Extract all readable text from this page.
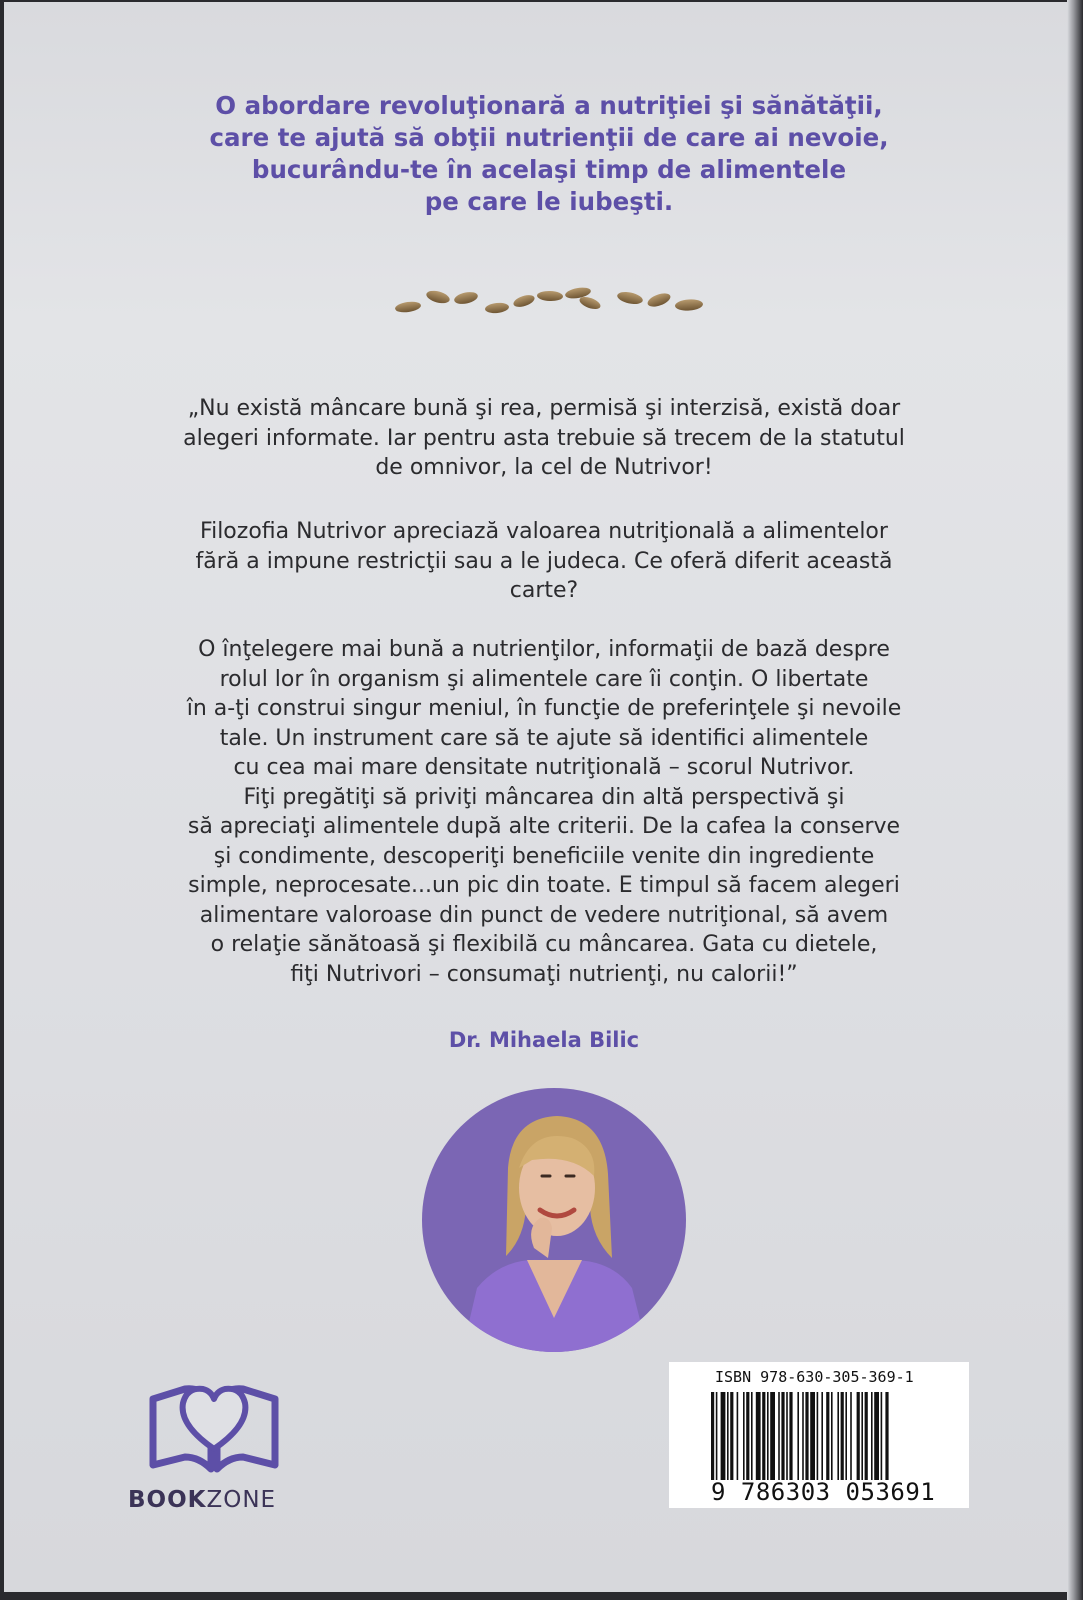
O abordare revoluţionară a nutriţiei şi sănătăţii,
care te ajută să obţii nutrienţii de care ai nevoie,
bucurându-te în acelaşi timp de alimentele
pe care le iubeşti.
„Nu există mâncare bună şi rea, permisă şi interzisă, există doar
alegeri informate. Iar pentru asta trebuie să trecem de la statutul
de omnivor, la cel de Nutrivor!
Filozofia Nutrivor apreciază valoarea nutriţională a alimentelor
fără a impune restricţii sau a le judeca. Ce oferă diferit această
carte?
O înţelegere mai bună a nutrienţilor, informaţii de bază despre
rolul lor în organism şi alimentele care îi conţin. O libertate
în a-ţi construi singur meniul, în funcţie de preferinţele şi nevoile
tale. Un instrument care să te ajute să identifici alimentele
cu cea mai mare densitate nutriţională – scorul Nutrivor.
Fiţi pregătiţi să priviţi mâncarea din altă perspectivă şi
să apreciaţi alimentele după alte criterii. De la cafea la conserve
şi condimente, descoperiţi beneficiile venite din ingrediente
simple, neprocesate...un pic din toate. E timpul să facem alegeri
alimentare valoroase din punct de vedere nutriţional, să avem
o relaţie sănătoasă şi flexibilă cu mâncarea. Gata cu dietele,
fiţi Nutrivori – consumaţi nutrienţi, nu calorii!”
Dr. Mihaela Bilic
BOOKZONE
ISBN 978-630-305-369-1
9 786303 053691
